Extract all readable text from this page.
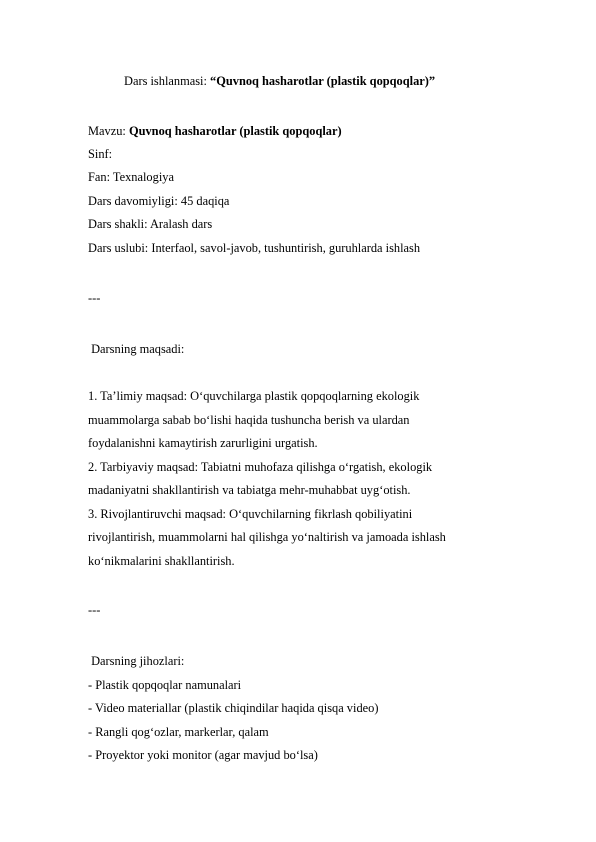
Dars ishlanmasi: “Quvnoq hasharotlar (plastik qopqoqlar)”
Mavzu: Quvnoq hasharotlar (plastik qopqoqlar)
Sinf:
Fan: Texnalogiya
Dars davomiyligi: 45 daqiqa
Dars shakli: Aralash dars
Dars uslubi: Interfaol, savol-javob, tushuntirish, guruhlarda ishlash
---
Darsning maqsadi:
1. Ta’limiy maqsad: O‘quvchilarga plastik qopqoqlarning ekologik
muammolarga sabab bo‘lishi haqida tushuncha berish va ulardan
foydalanishni kamaytirish zarurligini urgatish.
2. Tarbiyaviy maqsad: Tabiatni muhofaza qilishga o‘rgatish, ekologik
madaniyatni shakllantirish va tabiatga mehr-muhabbat uyg‘otish.
3. Rivojlantiruvchi maqsad: O‘quvchilarning fikrlash qobiliyatini
rivojlantirish, muammolarni hal qilishga yo‘naltirish va jamoada ishlash
ko‘nikmalarini shakllantirish.
---
Darsning jihozlari:
- Plastik qopqoqlar namunalari
- Video materiallar (plastik chiqindilar haqida qisqa video)
- Rangli qog‘ozlar, markerlar, qalam
- Proyektor yoki monitor (agar mavjud bo‘lsa)
